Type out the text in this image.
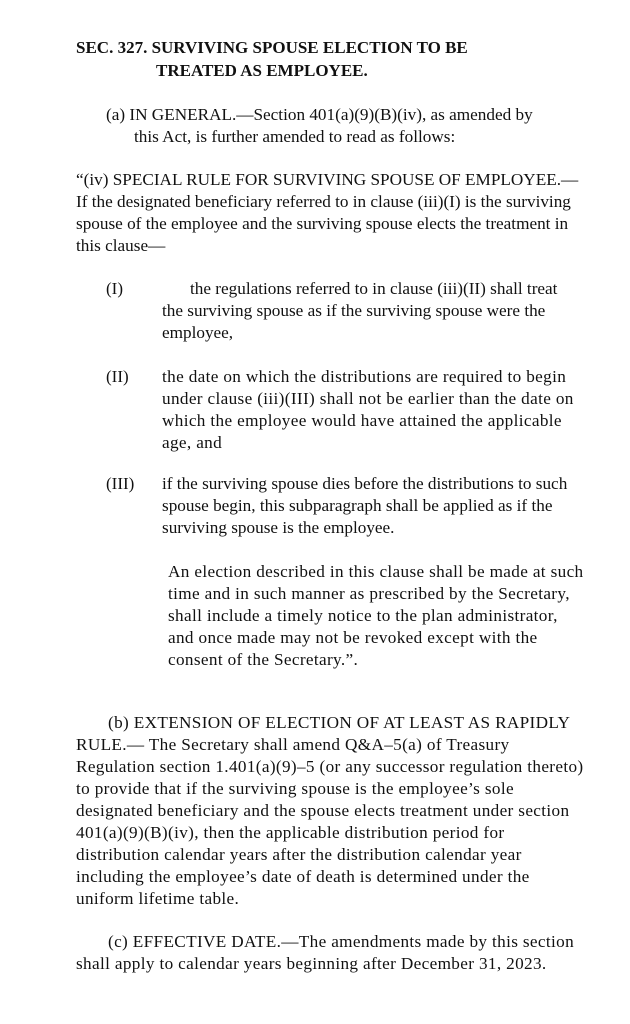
SEC. 327. SURVIVING SPOUSE ELECTION TO BE
TREATED AS EMPLOYEE.
(a) IN GENERAL.—Section 401(a)(9)(B)(iv), as amended by
this Act, is further amended to read as follows:
“(iv) SPECIAL RULE FOR SURVIVING SPOUSE OF EMPLOYEE.—If the designated beneficiary referred to in clause (iii)(I) is the surviving spouse of the employee and the surviving spouse elects the treatment in this clause—
(I)	the regulations referred to in clause (iii)(II) shall treat the surviving spouse as if the surviving spouse were the employee,
(II) the date on which the distributions are required to begin under clause (iii)(III) shall not be earlier than the date on which the employee would have attained the applicable age, and
(III) if the surviving spouse dies before the distributions to such spouse begin, this subparagraph shall be applied as if the surviving spouse is the employee.
An election described in this clause shall be made at such time and in such manner as prescribed by the Secretary, shall include a timely notice to the plan administrator, and once made may not be revoked except with the consent of the Secretary.”.
(b) EXTENSION OF ELECTION OF AT LEAST AS RAPIDLY RULE.— The Secretary shall amend Q&A–5(a) of Treasury Regulation section 1.401(a)(9)–5 (or any successor regulation thereto) to provide that if the surviving spouse is the employee’s sole designated beneficiary and the spouse elects treatment under section 401(a)(9)(B)(iv), then the applicable distribution period for distribution calendar years after the distribution calendar year including the employee’s date of death is determined under the uniform lifetime table.
(c) EFFECTIVE DATE.—The amendments made by this section shall apply to calendar years beginning after December 31, 2023.
